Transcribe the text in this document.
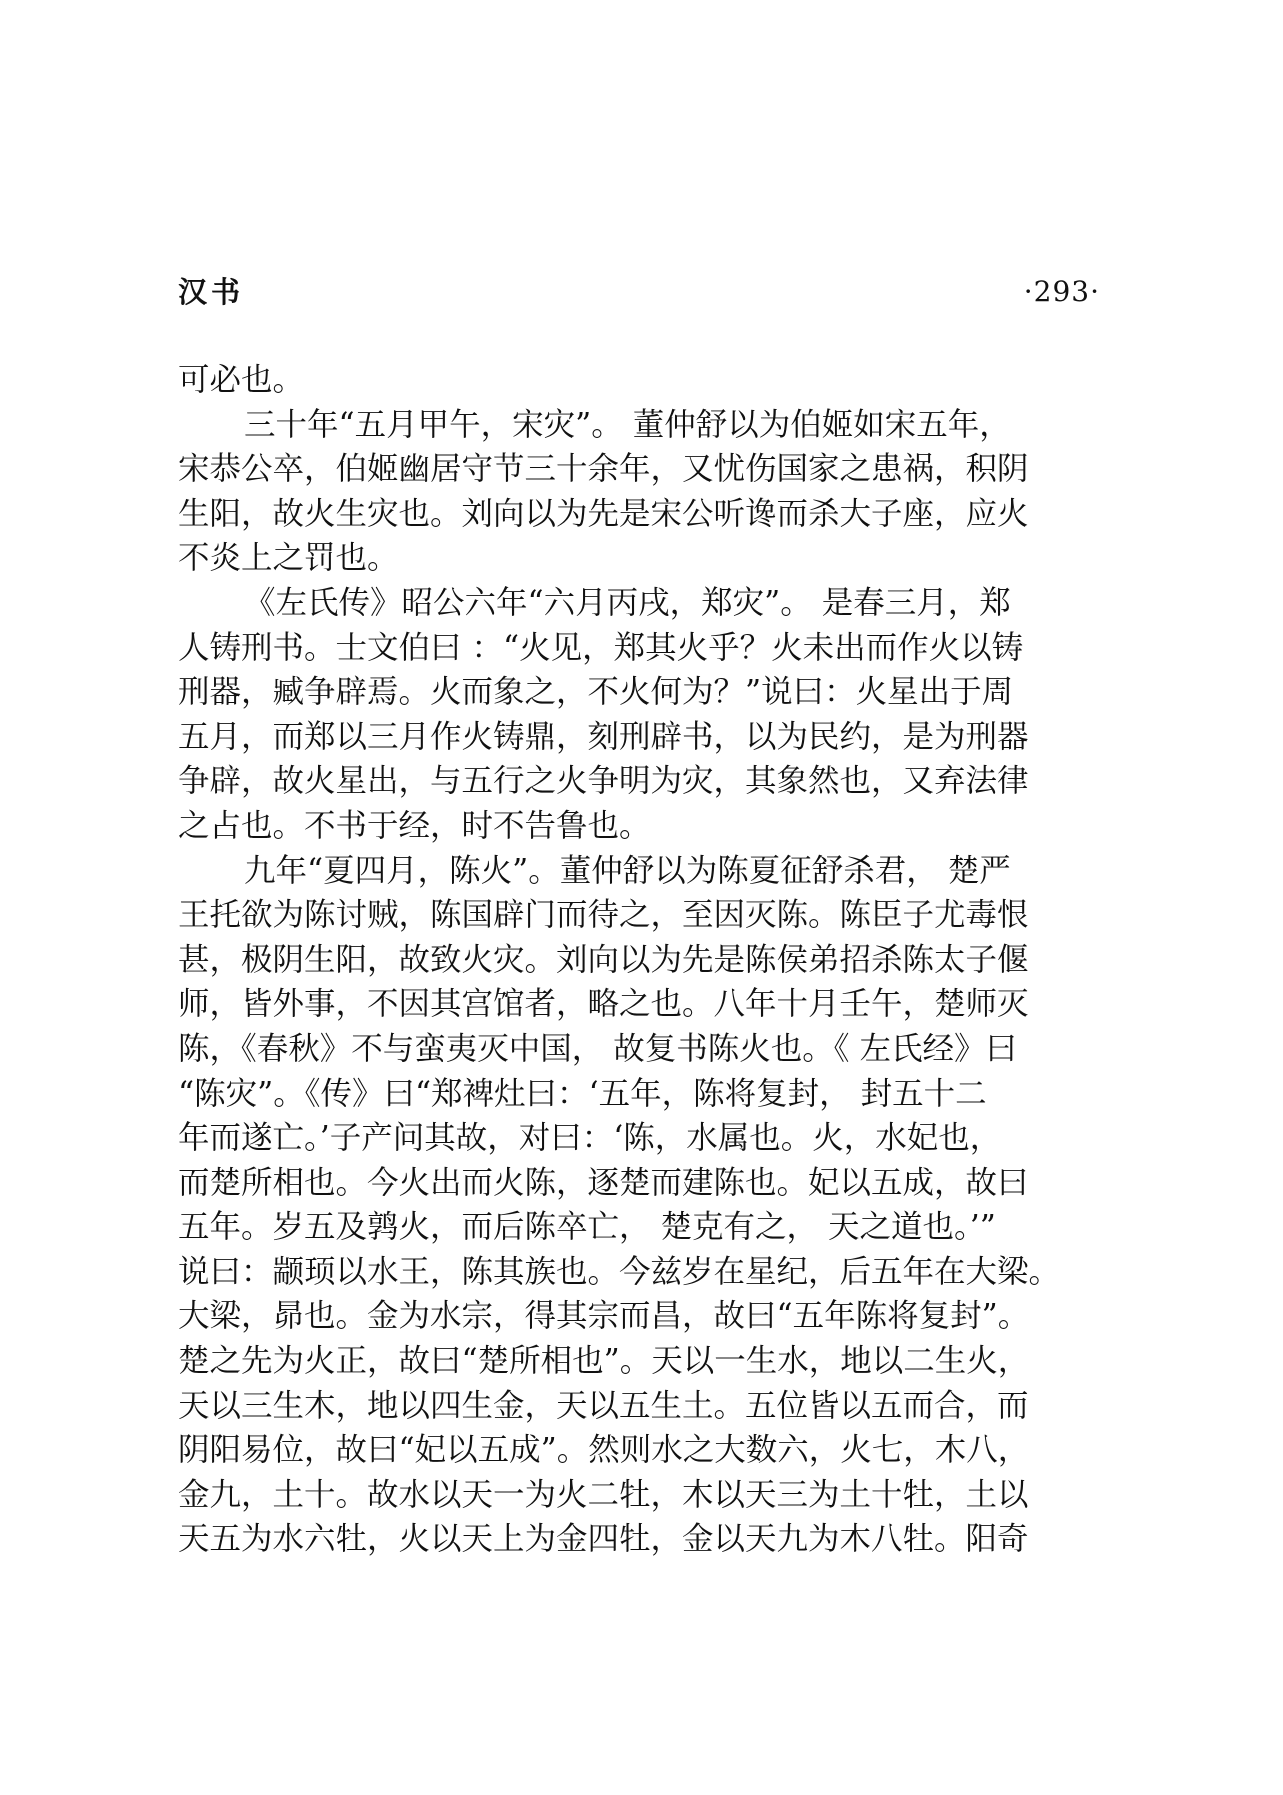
汉书	·293·
可必也。
三十年“五月甲午，宋灾”。 董仲舒以为伯姬如宋五年，
宋恭公卒，伯姬幽居守节三十余年，又忧伤国家之患祸，积阴
生阳，故火生灾也。刘向以为先是宋公听谗而杀大子座，应火
不炎上之罚也。
《左氏传》昭公六年“六月丙戌，郑灾”。 是春三月，郑
人铸刑书。士文伯曰 ：“火见，郑其火乎？火未出而作火以铸
刑器，臧争辟焉。火而象之，不火何为？”说曰：火星出于周
五月，而郑以三月作火铸鼎，刻刑辟书，以为民约，是为刑器
争辟，故火星出，与五行之火争明为灾，其象然也，又弃法律
之占也。不书于经，时不告鲁也。
九年“夏四月，陈火”。董仲舒以为陈夏征舒杀君， 楚严
王托欲为陈讨贼，陈国辟门而待之，至因灭陈。陈臣子尤毒恨
甚，极阴生阳，故致火灾。刘向以为先是陈侯弟招杀陈太子偃
师，皆外事，不因其宫馆者，略之也。八年十月壬午，楚师灭
陈，《春秋》不与蛮夷灭中国， 故复书陈火也。《 左氏经》曰
“陈灾”。《传》曰“郑裨灶曰：‘五年，陈将复封， 封五十二
年而遂亡。’子产问其故，对曰：‘陈，水属也。火，水妃也，
而楚所相也。今火出而火陈，逐楚而建陈也。妃以五成，故曰
五年。岁五及鹑火，而后陈卒亡， 楚克有之， 天之道也。’”
说曰：颛顼以水王，陈其族也。今兹岁在星纪，后五年在大梁。
大梁，昴也。金为水宗，得其宗而昌，故曰“五年陈将复封”。
楚之先为火正，故曰“楚所相也”。天以一生水，地以二生火，
天以三生木，地以四生金，天以五生土。五位皆以五而合，而
阴阳易位，故曰“妃以五成”。然则水之大数六，火七，木八，
金九，土十。故水以天一为火二牡，木以天三为土十牡，土以
天五为水六牡，火以天上为金四牡，金以天九为木八牡。阳奇
